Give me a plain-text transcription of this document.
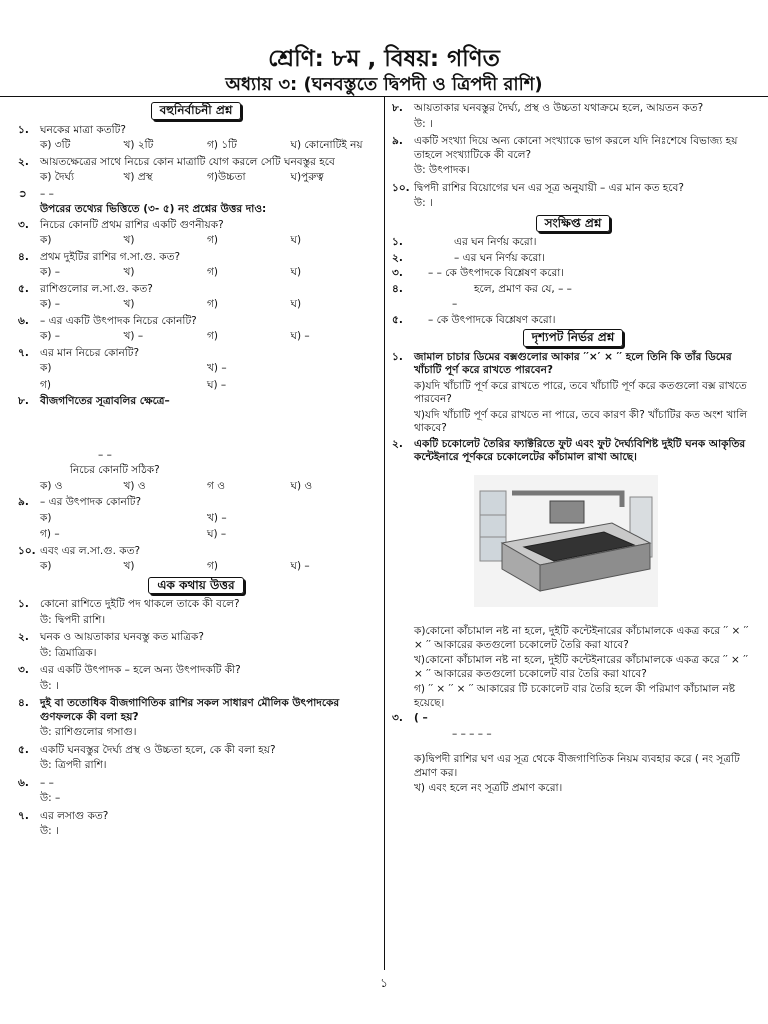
শ্রেণি: ৮ম , বিষয়: গণিত
অধ্যায় ৩: (ঘনবস্তুতে দ্বিপদী ও ত্রিপদী রাশি)
বহুনির্বাচনী প্রশ্ন
১.	ঘনকের মাত্রা কতটি?
ক) ৩টি	খ) ২টি	গ) ১টি	ঘ) কোনোটিই নয়
২.	আয়তক্ষেত্রের সাথে নিচের কোন মাত্রাটি যোগ করলে সেটি ঘনবস্তুর হবে
ক) দৈর্ঘ্য	খ) প্রস্থ	গ)উচ্চতা	ঘ)পুরুত্ব
➲	– –
উপরের তথ্যের ভিত্তিতে (৩- ৫) নং প্রশ্নের উত্তর দাও:
৩.	নিচের কোনটি প্রথম রাশির একটি গুণনীয়ক?
ক)	খ)	গ)	ঘ)
৪.	প্রথম দুইটির রাশির গ.সা.গু. কত?
ক) –	খ)	গ)	ঘ)
৫.	রাশিগুলোর ল.সা.গু. কত?
ক) –	খ)	গ)	ঘ)
৬.	– এর একটি উৎপাদক নিচের কোনটি?
ক) –	খ) –	গ)	ঘ) –
৭.	এর মান নিচের কোনটি?
ক)	খ) –
গ)	ঘ) –
৮.	বীজগণিতের সূত্রাবলির ক্ষেত্রে–
– –
নিচের কোনটি সঠিক?
ক) ও	খ) ও	গ ও	ঘ) ও
৯.	– এর উৎপাদক কোনটি?
ক)	খ) –
গ) –	ঘ) –
১০. এবং এর ল.সা.গু. কত?
ক)	খ)	গ)	ঘ) –
এক কথায় উত্তর
১.	কোনো রাশিতে দুইটি পদ থাকলে তাকে কী বলে?
উ: দ্বিপদী রাশি।
২.	ঘনক ও আয়তাকার ঘনবস্তু কত মাত্রিক?
উ: ত্রিমাত্রিক।
৩.	এর একটি উৎপাদক – হলে অন্য উৎপাদকটি কী?
উ: ।
৪.	দুই বা ততোধিক বীজগাণিতিক রাশির সকল সাধারণ মৌলিক উৎপাদকের গুণফলকে কী বলা হয়?
উ: রাশিগুলোর গসাগু।
৫.	একটি ঘনবস্তুর দৈর্ঘ্য প্রস্থ ও উচ্চতা হলে, কে কী বলা হয়?
উ: ত্রিপদী রাশি।
৬.	– –
উ: –
৭.	এর লসাগু কত?
উ: ।
৮.	আয়তাকার ঘনবস্তুর দৈর্ঘ্য, প্রস্থ ও উচ্চতা যথাক্রমে হলে, আয়তন কত?
উ: ।
৯.	একটি সংখ্যা দিয়ে অন্য কোনো সংখ্যাকে ভাগ করলে যদি নিঃশেষে বিভাজ্য হয় তাহলে সংখ্যাটিকে কী বলে?
উ: উৎপাদক।
১০. দ্বিপদী রাশির বিয়োগের ঘন এর সূত্র অনুযায়ী – এর মান কত হবে?
উ: ।
সংক্ষিপ্ত প্রশ্ন
১.	এর ঘন নির্ণয় করো।
২.	– এর ঘন নির্ণয় করো।
৩.	– – কে উৎপাদকে বিশ্লেষণ করো।
৪.	হলে, প্রমাণ কর যে, – –
–
৫.	– কে উৎপাদকে বিশ্লেষণ করো।
দৃশ্যপট নির্ভর প্রশ্ন
১.	জামাল চাচার ডিমের বক্সগুলোর আকার ′′×′ × ′′ হলে তিনি কি তাঁর ডিমের খাঁচাটি পূর্ণ করে রাখতে পারবেন?
ক)যদি খাঁচাটি পূর্ণ করে রাখতে পারে, তবে খাঁচাটি পূর্ণ করে কতগুলো বক্স রাখতে পারবেন?
খ)যদি খাঁচাটি পূর্ণ করে রাখতে না পারে, তবে কারণ কী? খাঁচাটির কত অংশ খালি থাকবে?
২.	একটি চকোলেট তৈরির ফ্যাক্টরিতে ফুট এবং ফুট দৈর্ঘ্যবিশিষ্ট দুইটি ঘনক আকৃতির কন্টেইনারে পূর্ণকরে চকোলেটের কাঁচামাল রাখা আছে।
ক)কোনো কাঁচামাল নষ্ট না হলে, দুইটি কন্টেইনারের কাঁচামালকে একত্র করে ′′ × ′′ × ′′ আকারের কতগুলো চকোলেট তৈরি করা যাবে?
খ)কোনো কাঁচামাল নষ্ট না হলে, দুইটি কন্টেইনারের কাঁচামালকে একত্র করে ′′ × ′′ × ′′ আকারের কতগুলো চকোলেট বার তৈরি করা যাবে?
গ) ′′ × ′′ × ′′ আকারের টি চকোলেট বার তৈরি হলে কী পরিমাণ কাঁচামাল নষ্ট হয়েছে।
৩.	( –
– – – – –
ক)দ্বিপদী রাশির ঘণ এর সূত্র থেকে বীজগাণিতিক নিয়ম ব্যবহার করে ( নং সূত্রটি প্রমাণ কর।
খ) এবং হলে নং সূত্রটি প্রমাণ করো।
১
